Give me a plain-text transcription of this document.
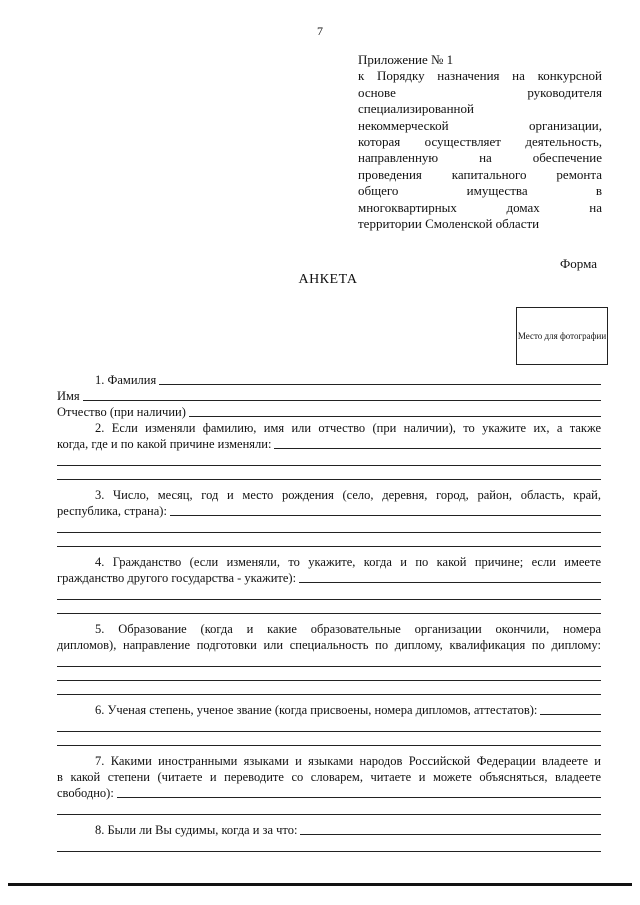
7
Приложение № 1
к Порядку назначения на конкурсной
основе руководителя
специализированной
некоммерческой организации,
которая осуществляет деятельность,
направленную на обеспечение
проведения капитального ремонта
общего имущества в
многоквартирных домах на
территории Смоленской области
Форма
АНКЕТА
Место для фотографии
1. Фамилия
Имя
Отчество (при наличии)
2. Если изменяли фамилию, имя или отчество (при наличии), то укажите их, а также
когда, где и по какой причине изменяли:
3. Число, месяц, год и место рождения (село, деревня, город, район, область, край,
республика, страна):
4. Гражданство (если изменяли, то укажите, когда и по какой причине; если имеете
гражданство другого государства - укажите):
5. Образование (когда и какие образовательные организации окончили, номера
дипломов), направление подготовки или специальность по диплому, квалификация по диплому:
6. Ученая степень, ученое звание (когда присвоены, номера дипломов, аттестатов):
7. Какими иностранными языками и языками народов Российской Федерации владеете и
в какой степени (читаете и переводите со словарем, читаете и можете объясняться, владеете
свободно):
8. Были ли Вы судимы, когда и за что:
